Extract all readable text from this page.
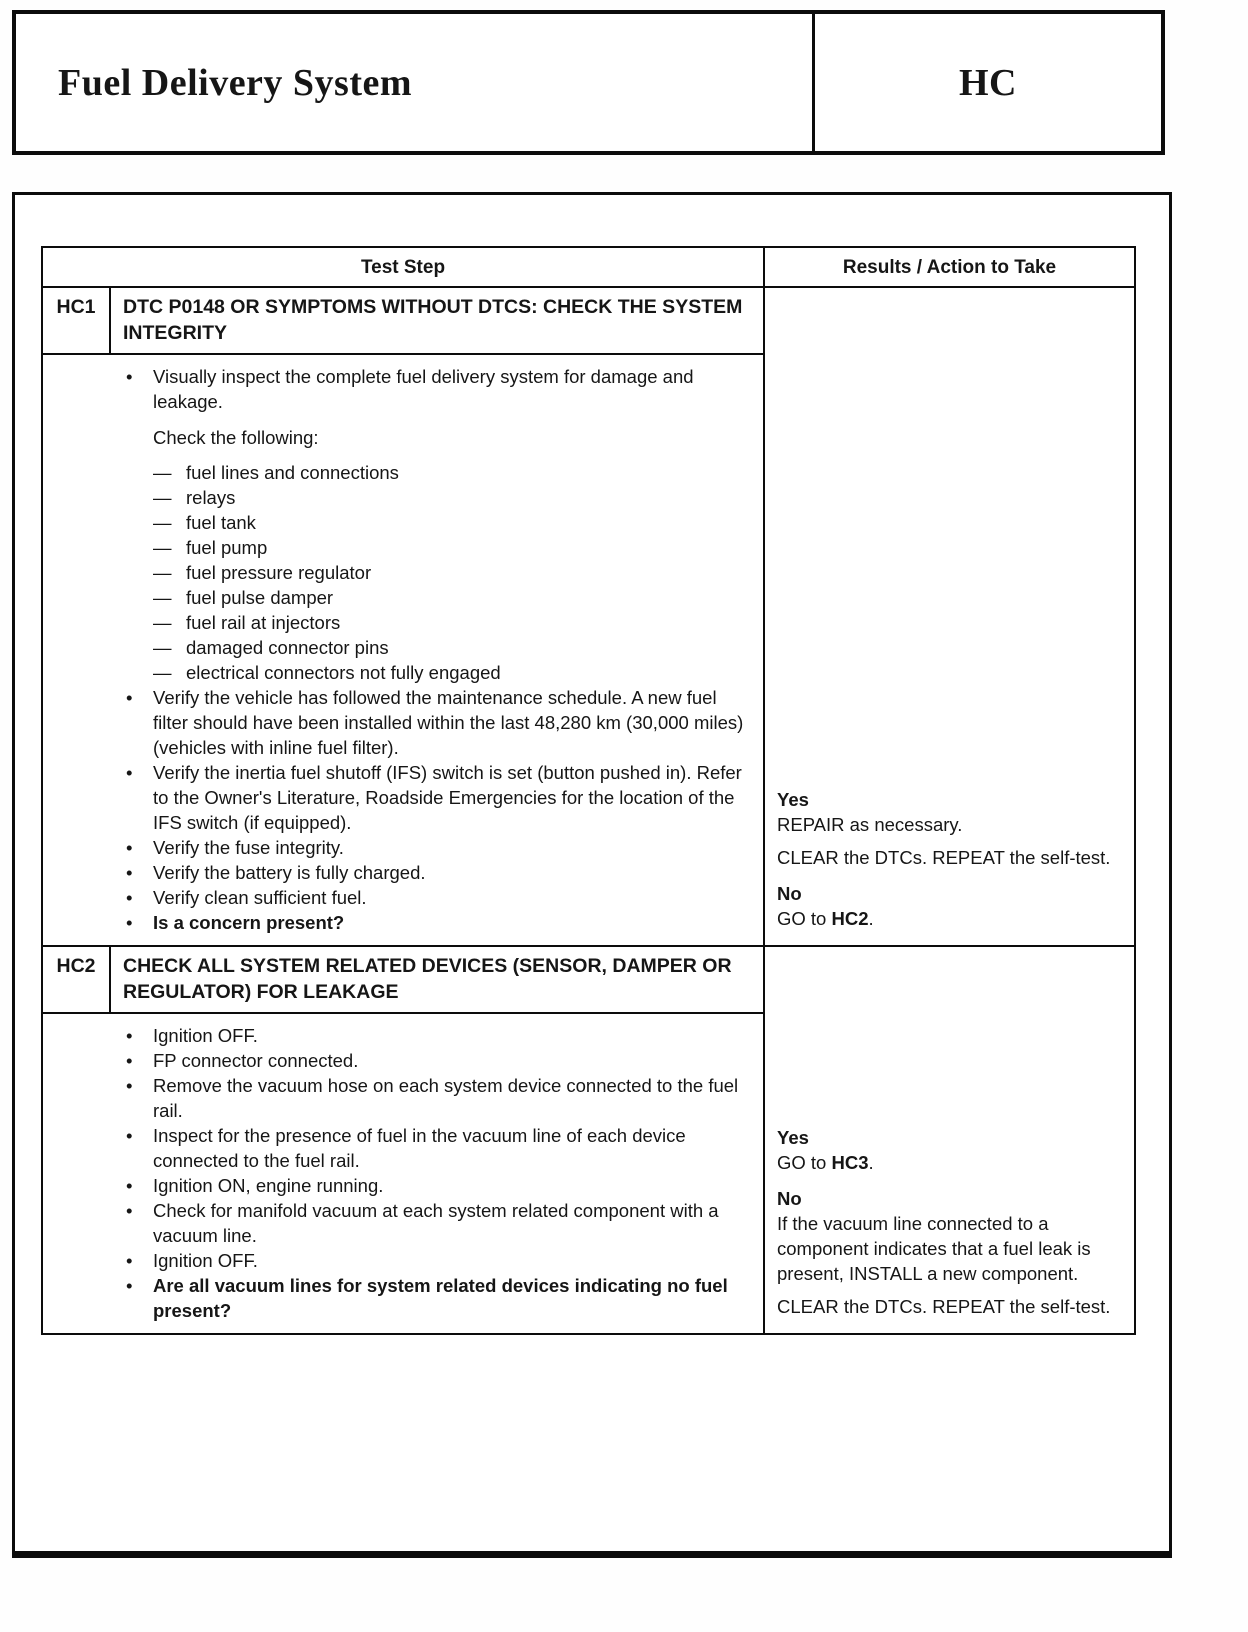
Fuel Delivery System	HC
Test Step	Results / Action to Take
HC1	DTC P0148 OR SYMPTOMS WITHOUT DTCS: CHECK THE SYSTEM INTEGRITY
•	Visually inspect the complete fuel delivery system for damage and leakage.
Check the following:
— fuel lines and connections
— relays
— fuel tank
— fuel pump
— fuel pressure regulator
— fuel pulse damper
— fuel rail at injectors
— damaged connector pins
— electrical connectors not fully engaged
•	Verify the vehicle has followed the maintenance schedule. A new fuel filter should have been installed within the last 48,280 km (30,000 miles) (vehicles with inline fuel filter).
•	Verify the inertia fuel shutoff (IFS) switch is set (button pushed in). Refer to the Owner's Literature, Roadside Emergencies for the location of the IFS switch (if equipped).
•	Verify the fuse integrity.
•	Verify the battery is fully charged.
•	Verify clean sufficient fuel.
•	Is a concern present?
Yes
REPAIR as necessary.
CLEAR the DTCs. REPEAT the self-test.
No
GO to HC2.
HC2	CHECK ALL SYSTEM RELATED DEVICES (SENSOR, DAMPER OR REGULATOR) FOR LEAKAGE
•	Ignition OFF.
•	FP connector connected.
•	Remove the vacuum hose on each system device connected to the fuel rail.
•	Inspect for the presence of fuel in the vacuum line of each device connected to the fuel rail.
•	Ignition ON, engine running.
•	Check for manifold vacuum at each system related component with a vacuum line.
•	Ignition OFF.
•	Are all vacuum lines for system related devices indicating no fuel present?
Yes
GO to HC3.
No
If the vacuum line connected to a component indicates that a fuel leak is present, INSTALL a new component.
CLEAR the DTCs. REPEAT the self-test.
